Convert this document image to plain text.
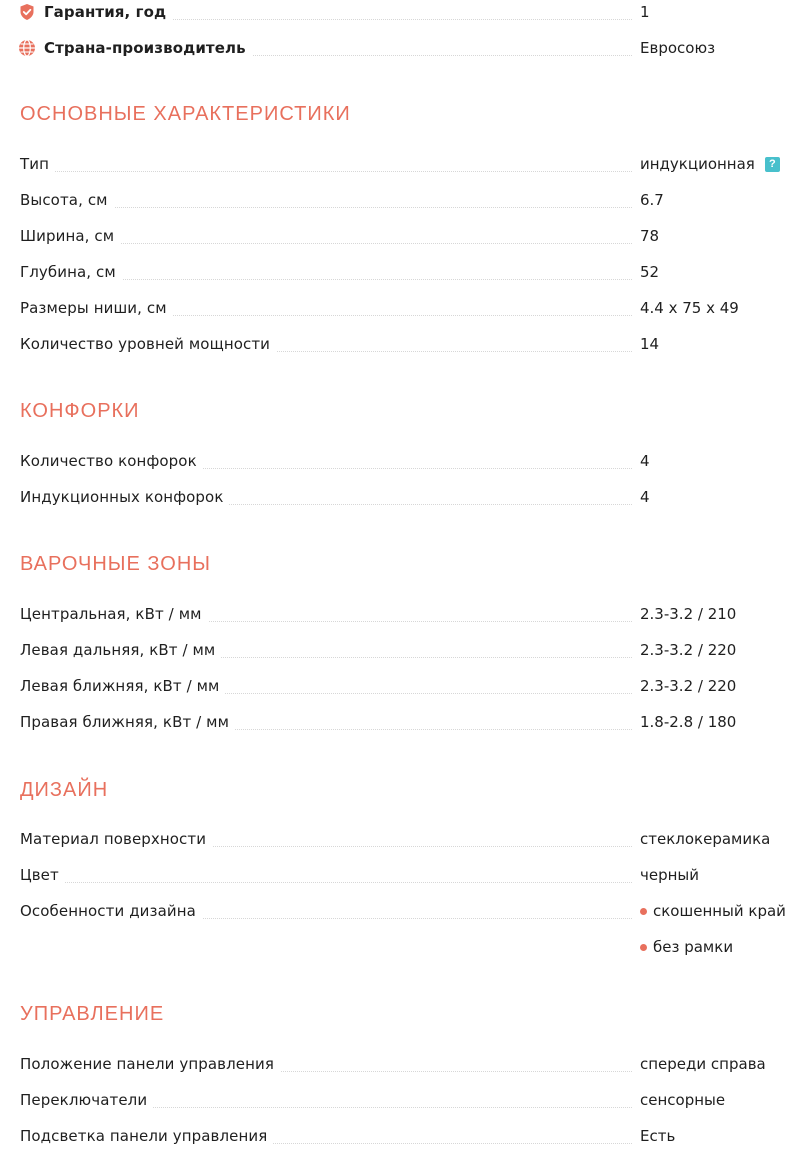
Гарантия, год	1
Страна-производитель	Евросоюз
ОСНОВНЫЕ ХАРАКТЕРИСТИКИ
Тип	индукционная	?
Высота, см	6.7
Ширина, см	78
Глубина, см	52
Размеры ниши, см	4.4 х 75 х 49
Количество уровней мощности	14
КОНФОРКИ
Количество конфорок	4
Индукционных конфорок	4
ВАРОЧНЫЕ ЗОНЫ
Центральная, кВт / мм	2.3-3.2 / 210
Левая дальняя, кВт / мм	2.3-3.2 / 220
Левая ближняя, кВт / мм	2.3-3.2 / 220
Правая ближняя, кВт / мм	1.8-2.8 / 180
ДИЗАЙН
Материал поверхности	стеклокерамика
Цвет	черный
Особенности дизайна	скошенный край
без рамки
УПРАВЛЕНИЕ
Положение панели управления	спереди справа
Переключатели	сенсорные
Подсветка панели управления	Есть
